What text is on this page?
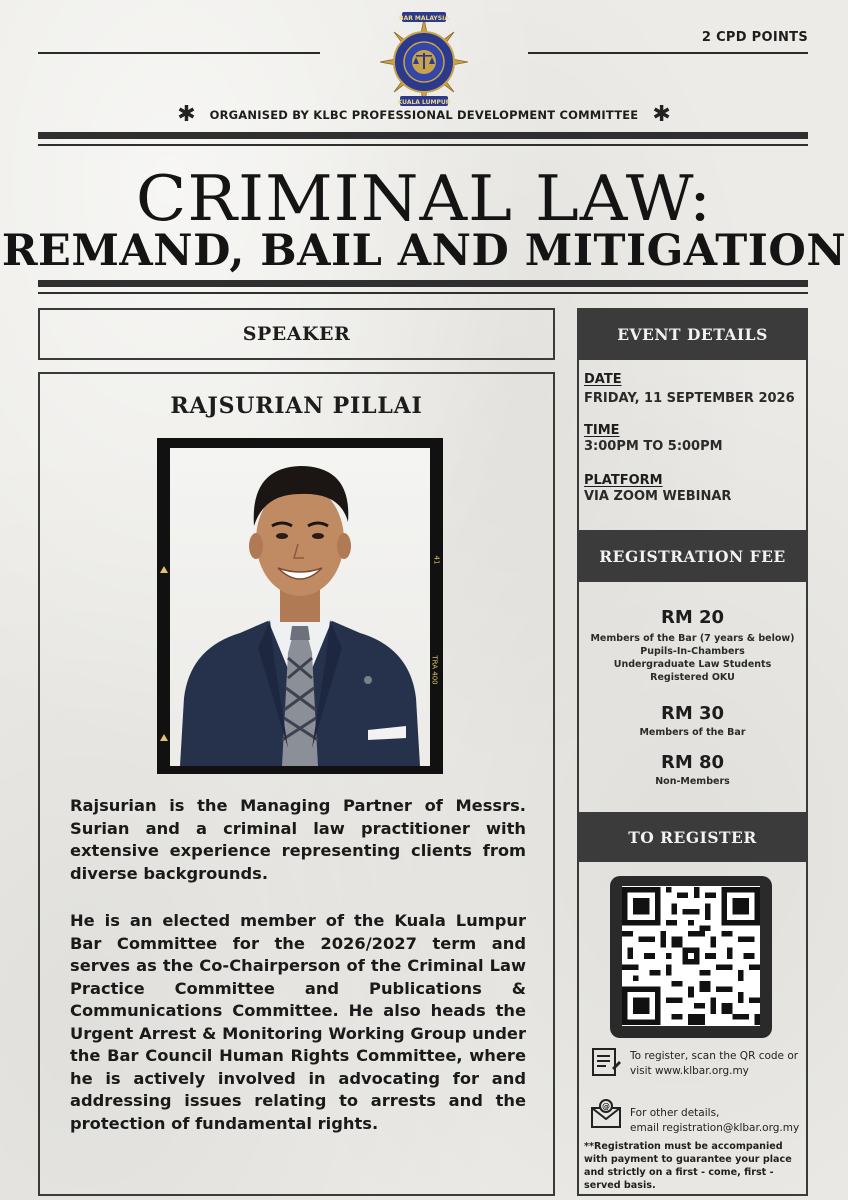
2 CPD POINTS
BAR MALAYSIA
KUALA LUMPUR
✱ ORGANISED BY KLBC PROFESSIONAL DEVELOPMENT COMMITTEE ✱
CRIMINAL LAW:
REMAND, BAIL AND MITIGATION
SPEAKER
RAJSURIAN PILLAI
41
TRA 400
Rajsurian is the Managing Partner of Messrs. Surian and a criminal law practitioner with extensive experience representing clients from diverse backgrounds.
He is an elected member of the Kuala Lumpur Bar Committee for the 2026/2027 term and serves as the Co-Chairperson of the Criminal Law Practice Committee and Publications & Communications Committee. He also heads the Urgent Arrest & Monitoring Working Group under the Bar Council Human Rights Committee, where he is actively involved in advocating for and addressing issues relating to arrests and the protection of fundamental rights.
EVENT DETAILS
DATE
FRIDAY, 11 SEPTEMBER 2026
TIME
3:00PM TO 5:00PM
PLATFORM
VIA ZOOM WEBINAR
REGISTRATION FEE
RM 20
Members of the Bar (7 years & below)
Pupils-In-Chambers
Undergraduate Law Students
Registered OKU
RM 30
Members of the Bar
RM 80
Non-Members
TO REGISTER
To register, scan the QR code or
visit www.klbar.org.my
@
For other details,
email registration@klbar.org.my
**Registration must be accompanied with payment to guarantee your place and strictly on a first - come, first - served basis.
